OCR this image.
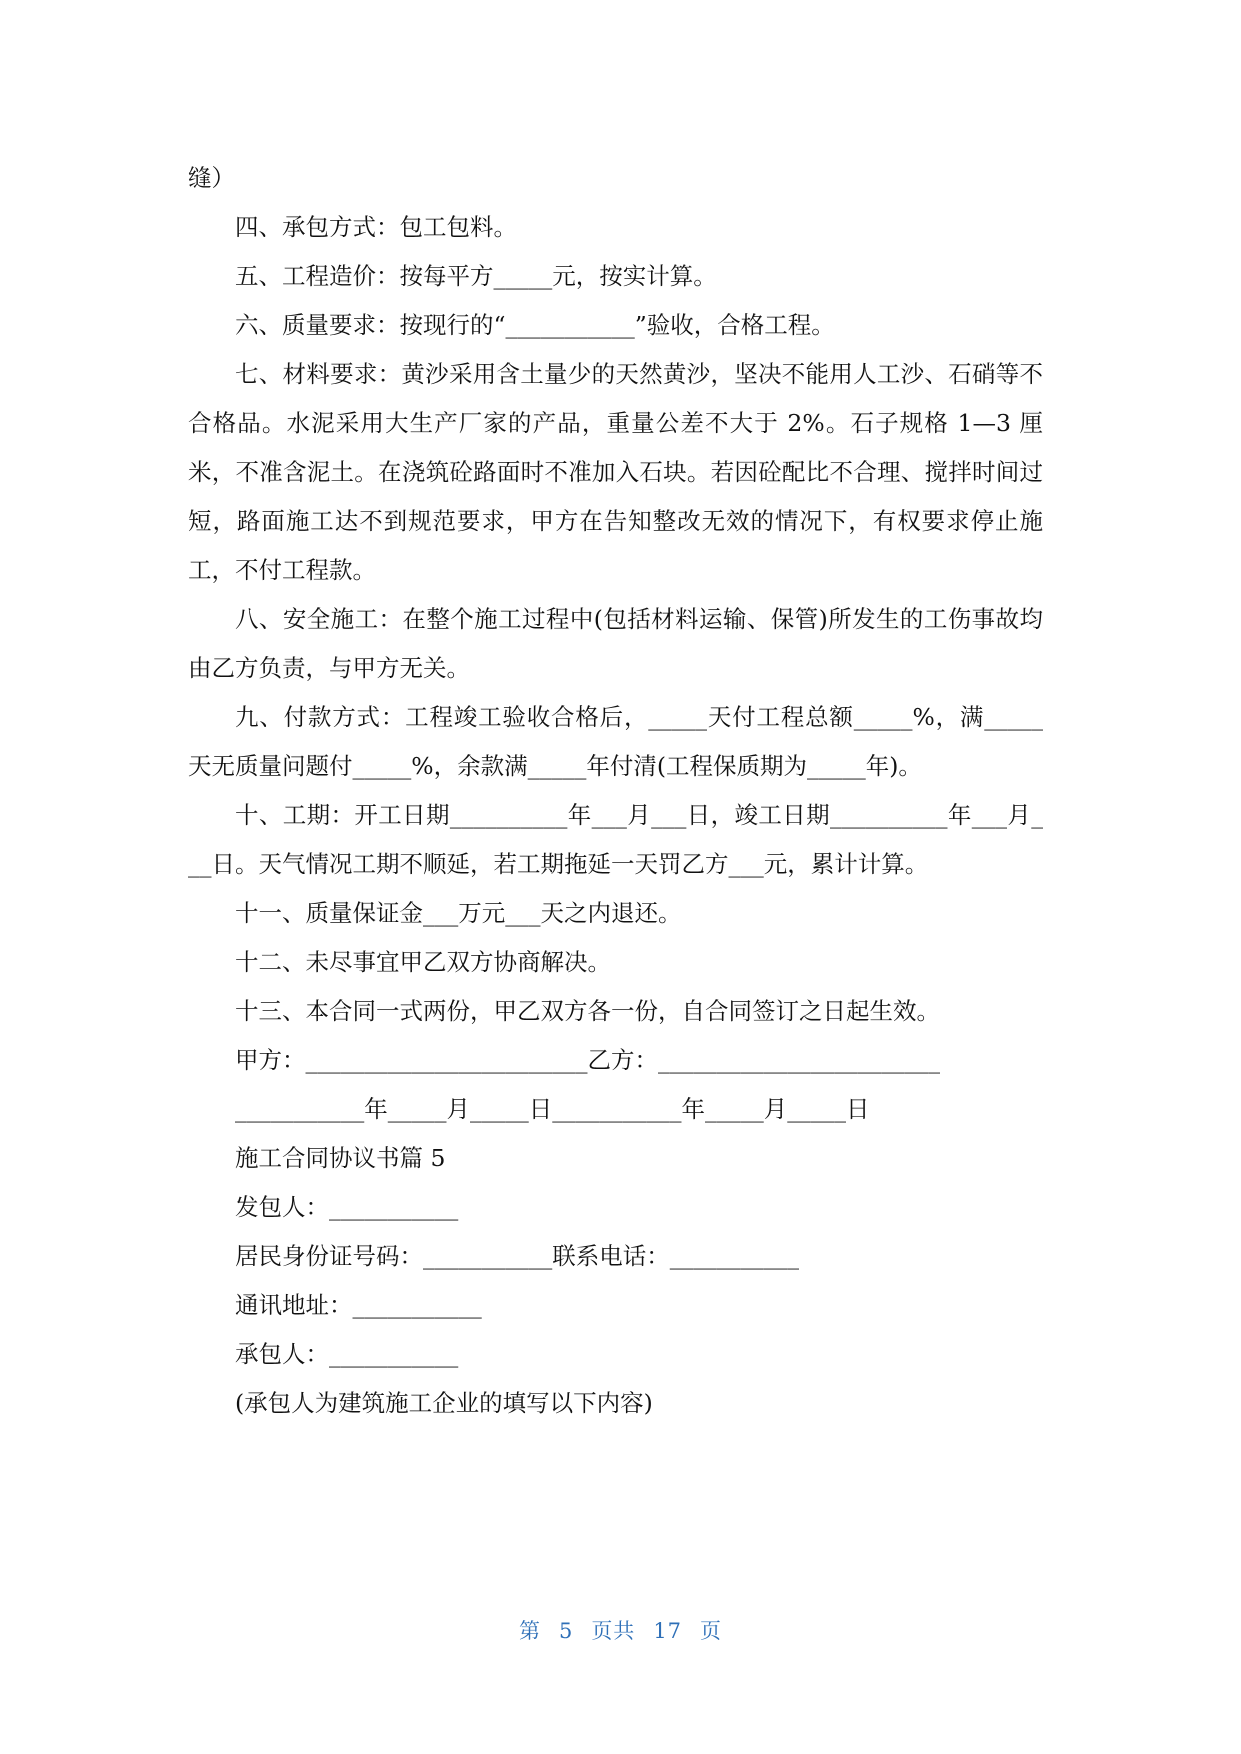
缝）

四、承包方式：包工包料。

五、工程造价：按每平方_____元，按实计算。

六、质量要求：按现行的“___________”验收，合格工程。

七、材料要求：黄沙采用含土量少的天然黄沙，坚决不能用人工沙、石硝等不合格品。水泥采用大生产厂家的产品，重量公差不大于 2%。石子规格 1—3 厘米，不准含泥土。在浇筑砼路面时不准加入石块。若因砼配比不合理、搅拌时间过短，路面施工达不到规范要求，甲方在告知整改无效的情况下，有权要求停止施工，不付工程款。

八、安全施工：在整个施工过程中(包括材料运输、保管)所发生的工伤事故均由乙方负责，与甲方无关。

九、付款方式：工程竣工验收合格后，_____天付工程总额_____%，满_____天无质量问题付_____%，余款满_____年付清(工程保质期为_____年)。

十、工期：开工日期__________年___月___日，竣工日期__________年___月___日。天气情况工期不顺延，若工期拖延一天罚乙方___元，累计计算。

十一、质量保证金___万元___天之内退还。

十二、未尽事宜甲乙双方协商解决。

十三、本合同一式两份，甲乙双方各一份，自合同签订之日起生效。

甲方：________________________乙方：________________________

___________年_____月_____日___________年_____月_____日

施工合同协议书篇 5

发包人：___________

居民身份证号码：___________联系电话：___________

通讯地址：___________

承包人：___________

(承包人为建筑施工企业的填写以下内容)

第 5 页共 17 页
